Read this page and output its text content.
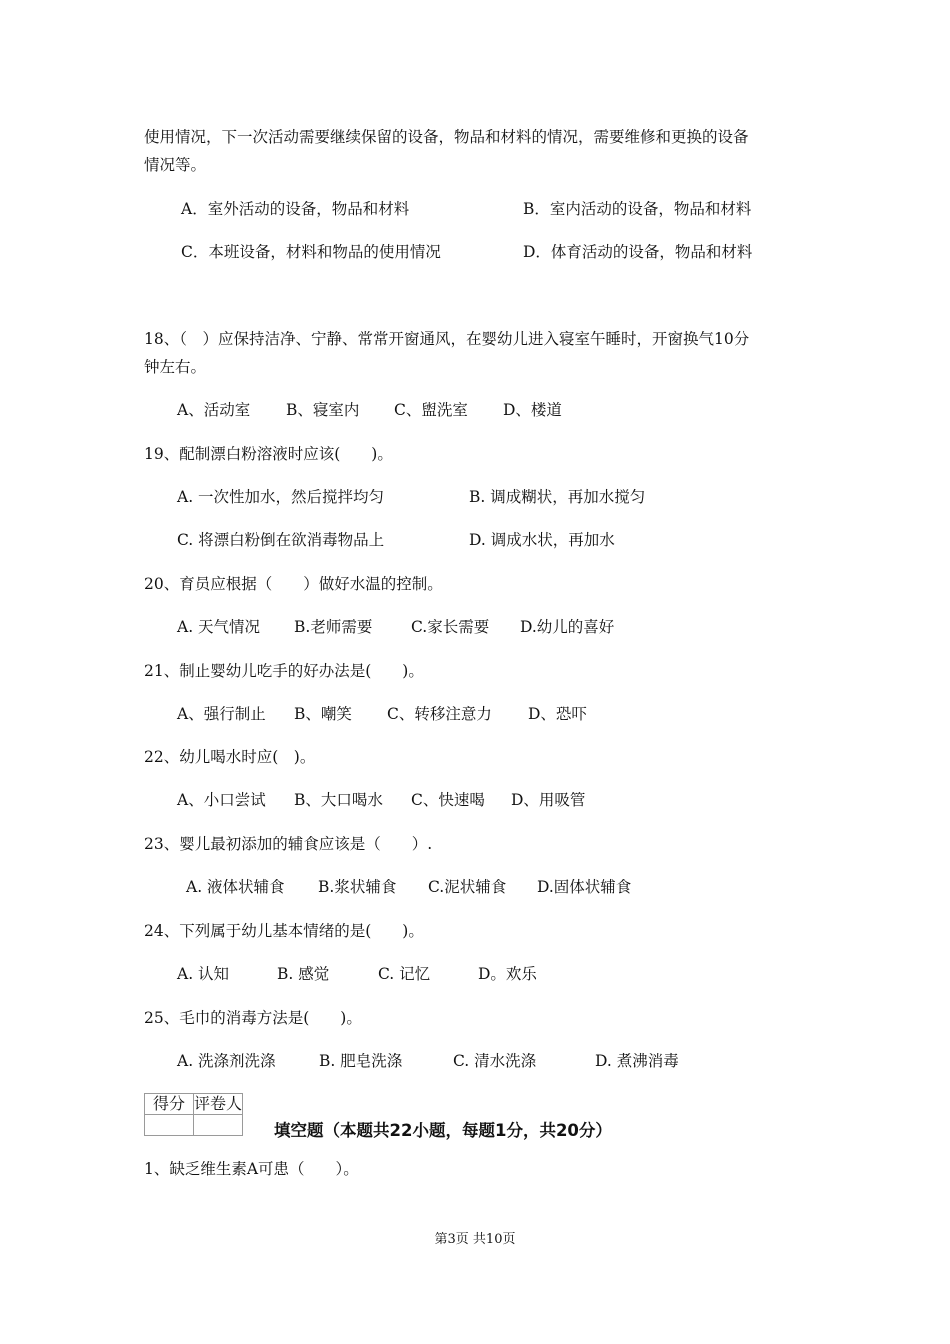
使用情况，下一次活动需要继续保留的设备，物品和材料的情况，需要维修和更换的设备
情况等。
A．室外活动的设备，物品和材料	B．室内活动的设备，物品和材料
C．本班设备，材料和物品的使用情况	D．体育活动的设备，物品和材料
18、（　）应保持洁净、宁静、常常开窗通风，在婴幼儿进入寝室午睡时，开窗换气10分
钟左右。
A、活动室 B、寝室内 C、盥洗室 D、楼道
19、配制漂白粉溶液时应该(　　)。
A. 一次性加水，然后搅拌均匀	B. 调成糊状，再加水搅匀
C. 将漂白粉倒在欲消毒物品上	D. 调成水状，再加水
20、育员应根据（　　）做好水温的控制。
A. 天气情况 B.老师需要 C.家长需要 D.幼儿的喜好
21、制止婴幼儿吃手的好办法是(　　)。
A、强行制止 B、嘲笑 C、转移注意力 D、恐吓
22、幼儿喝水时应(　)。
A、小口尝试 B、大口喝水 C、快速喝 D、用吸管
23、婴儿最初添加的辅食应该是（　　）.
A. 液体状辅食 B.浆状辅食 C.泥状辅食 D.固体状辅食
24、下列属于幼儿基本情绪的是(　　)。
A. 认知	B. 感觉	C. 记忆	D。欢乐
25、毛巾的消毒方法是(　　)。
A. 洗涤剂洗涤	B. 肥皂洗涤	C. 清水洗涤	D. 煮沸消毒
得分	评卷人

填空题（本题共22小题，每题1分，共20分）
1、缺乏维生素A可患（　　）。
第3页 共10页
